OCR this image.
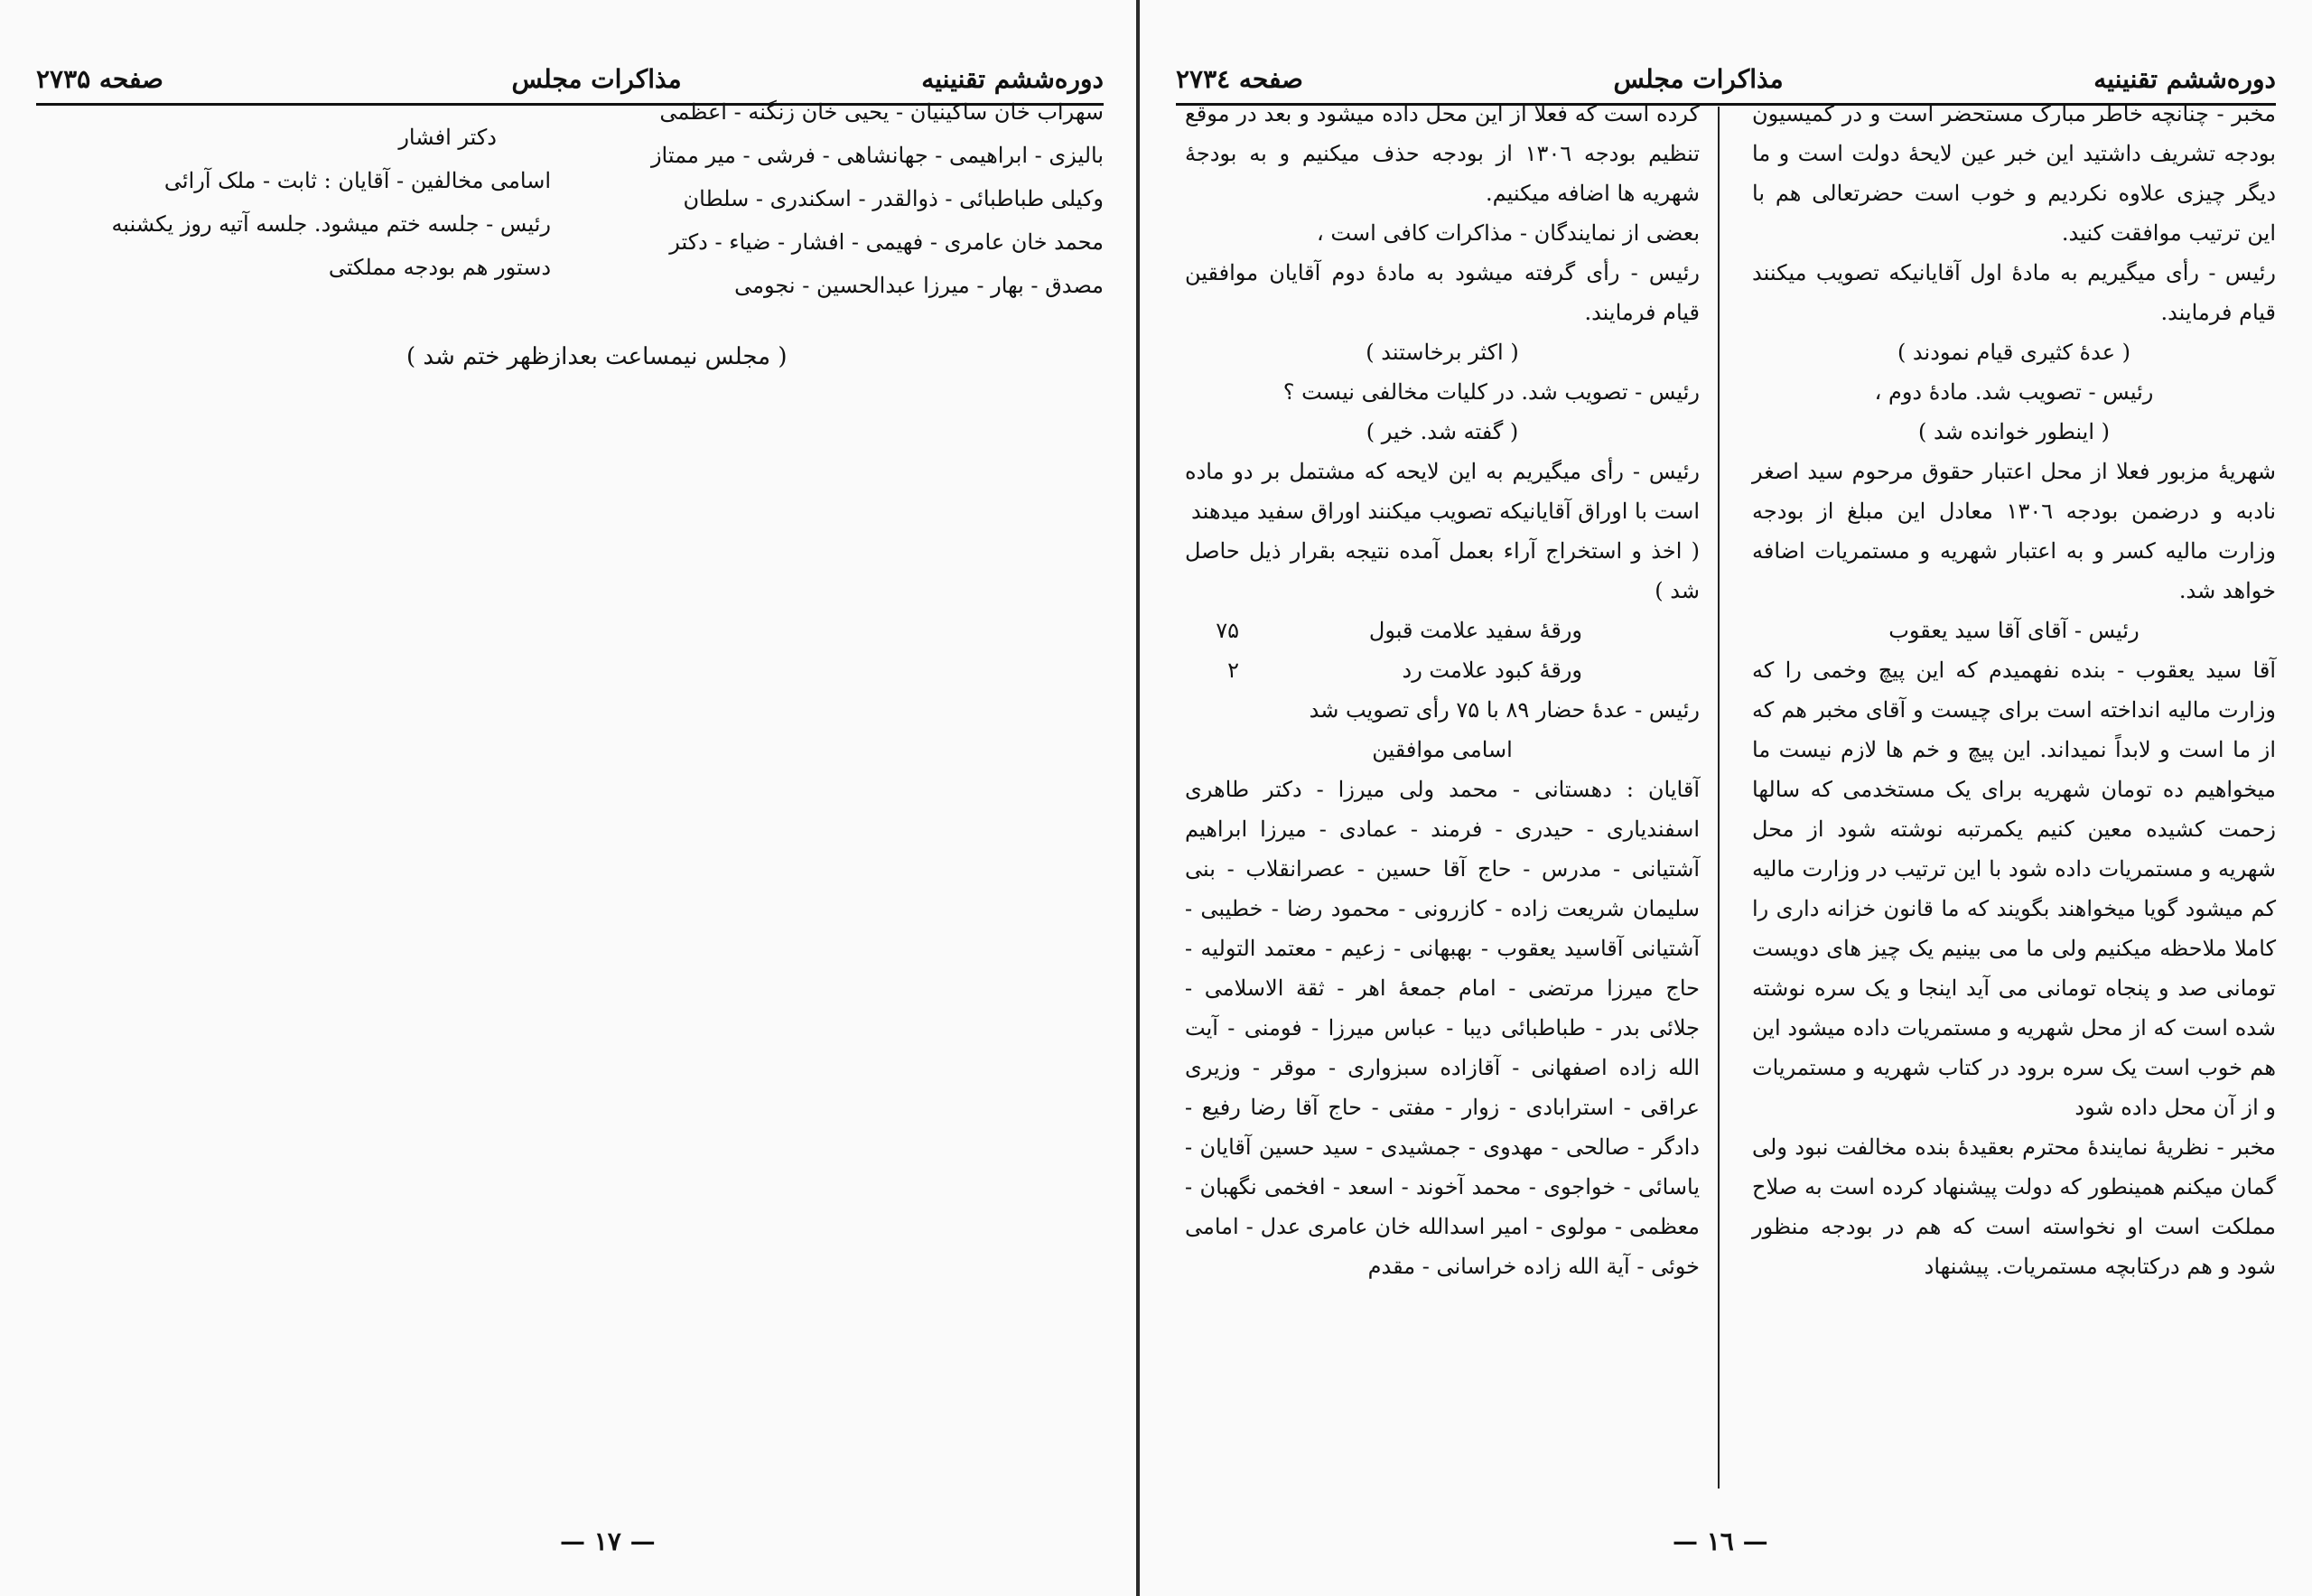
دوره‌ششم تقنینیه
مذاکرات مجلس
صفحه ۲۷۳۵
سهراب خان ساکینیان - یحیی خان زنگنه - اعظمی
بالیزی - ابراهیمی - جهانشاهی - فرشی - میر ممتاز
وکیلی طباطبائی - ذوالقدر - اسکندری - سلطان
محمد خان عامری - فهیمی - افشار - ضیاء - دکتر
مصدق - بهار - میرزا عبدالحسین - نجومی
دکتر افشار
اسامی مخالفین - آقایان : ثابت - ملک آرائی
رئیس - جلسه ختم میشود. جلسه آتیه روز یکشنبه
دستور هم بودجه مملکتی
( مجلس نیمساعت بعدازظهر ختم شد )
— ۱۷ —
دوره‌ششم تقنینیه
مذاکرات مجلس
صفحه ۲۷۳٤
مخبر - چنانچه خاطر مبارک مستحضر است و در کمیسیون بودجه تشریف داشتید این خبر عین لایحهٔ دولت است و ما دیگر چیزی علاوه نکردیم و خوب است حضرتعالی هم با این ترتیب موافقت کنید.
رئیس - رأی میگیریم به مادهٔ اول آقایانیکه تصویب میکنند قیام فرمایند.
( عدهٔ کثیری قیام نمودند )
رئیس - تصویب شد. مادهٔ دوم ،
( اینطور خوانده شد )
شهریهٔ مزبور فعلا از محل اعتبار حقوق مرحوم سید اصغر نادبه و درضمن بودجه ۱۳۰٦ معادل این مبلغ از بودجه وزارت مالیه کسر و به اعتبار شهریه و مستمریات اضافه خواهد شد.
رئیس - آقای آقا سید یعقوب
آقا سید یعقوب - بنده نفهمیدم که این پیچ وخمی را که وزارت مالیه انداخته است برای چیست و آقای مخبر هم که از ما است و لابداً نمیداند. این پیچ و خم ها لازم نیست ما میخواهیم ده تومان شهریه برای یک مستخدمی که سالها زحمت کشیده معین کنیم یکمرتبه نوشته شود از محل شهریه و مستمریات داده شود با این ترتیب در وزارت مالیه کم میشود گویا میخواهند بگویند که ما قانون خزانه داری را کاملا ملاحظه میکنیم ولی ما می بینیم یک چیز های دویست تومانی صد و پنجاه تومانی می آید اینجا و یک سره نوشته شده است که از محل شهریه و مستمریات داده میشود این هم خوب است یک سره برود در کتاب شهریه و مستمریات و از آن محل داده شود
مخبر - نظریهٔ نمایندهٔ محترم بعقیدهٔ بنده مخالفت نبود ولی گمان میکنم همینطور که دولت پیشنهاد کرده است به صلاح مملکت است او نخواسته است که هم در بودجه منظور شود و هم درکتابچه مستمریات. پیشنهاد
کرده است که فعلا از این محل داده میشود و بعد در موقع تنظیم بودجه ۱۳۰٦ از بودجه حذف میکنیم و به بودجهٔ شهریه ها اضافه میکنیم.
بعضی از نمایندگان - مذاکرات کافی است ،
رئیس - رأی گرفته میشود به مادهٔ دوم آقایان موافقین قیام فرمایند.
( اکثر برخاستند )
رئیس - تصویب شد. در کلیات مخالفی نیست ؟
( گفته شد. خیر )
رئیس - رأی میگیریم به این لایحه که مشتمل بر دو ماده است با اوراق آقایانیکه تصویب میکنند اوراق سفید میدهند
( اخذ و استخراج آراء بعمل آمده نتیجه بقرار ذیل حاصل شد )
ورقهٔ سفید علامت قبول
۷۵
ورقهٔ کبود علامت رد
۲
رئیس - عدهٔ حضار ۸۹ با ۷۵ رأی تصویب شد
اسامی موافقین
آقایان : دهستانی - محمد ولی میرزا - دکتر طاهری اسفندیاری - حیدری - فرمند - عمادی - میرزا ابراهیم آشتیانی - مدرس - حاج آقا حسین - عصرانقلاب - بنی سلیمان شریعت زاده - کازرونی - محمود رضا - خطیبی - آشتیانی آقاسید یعقوب - بهبهانی - زعیم - معتمد التولیه - حاج میرزا مرتضی - امام جمعهٔ اهر - ثقة الاسلامی - جلائی بدر - طباطبائی دیبا - عباس میرزا - فومنی - آیت الله زاده اصفهانی - آقازاده سبزواری - موقر - وزیری عراقی - استرابادی - زوار - مفتی - حاج آقا رضا رفیع - دادگر - صالحی - مهدوی - جمشیدی - سید حسین آقایان - یاسائی - خواجوی - محمد آخوند - اسعد - افخمی نگهبان - معظمی - مولوی - امیر اسدالله خان عامری عدل - امامی خوئی - آیة الله زاده خراسانی - مقدم
— ۱٦ —
